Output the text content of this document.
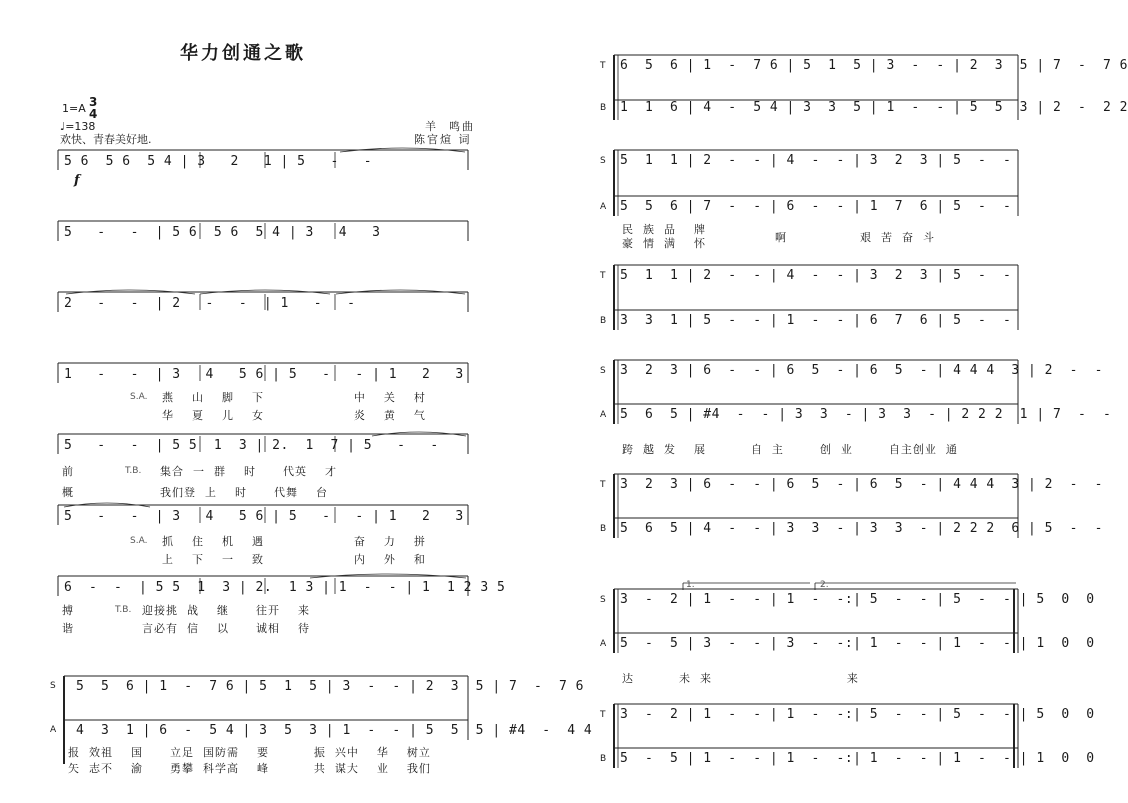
华力创通之歌
1=A 3
4
♩=138
欢快、青春美好地.
羊  鸣曲
陈官煊 词
f
5 6  5 6  5 4 | 3   2   1 | 5   -   -
5   -   -  | 5 6  5 6  5 4 | 3   4   3
2   -   -  | 2   -   -  | 1   -   -
1   -   -  | 3   4   5 6 | 5   -   - | 1   2   3
5   -   -  | 5 5  1  3 | 2.  1  7 | 5   -   -
5   -   -  | 3   4   5 6 | 5   -   - | 1   2   3
6  -  -  | 5 5  1  3 | 2.  1 3 | 1  -  - | 1  1 2 3 5
5  5  6 | 1  -  7 6 | 5  1  5 | 3  -  - | 2  3  5 | 7  -  7 6
4  3  1 | 6  -  5 4 | 3  5  3 | 1  -  - | 5  5  5 | #4  -  4 4
S
A
S.A. 燕    山    脚    下                    中    关    村
华    夏    儿    女                    炎    黄    气
前
概
T.B. 集合  一  群    时      代英    才
我们登  上    时      代舞    台
S.A. 抓    住    机    遇                    奋    力    拼
上    下    一    致                    内    外    和
搏
谐
T.B. 迎接挑  战    继      往开    来
言必有  信    以      诚相    待
报  效祖    国      立足  国防需    要          振  兴中    华    树立
矢  志不    渝      勇攀  科学高    峰          共  谋大    业    我们
T 6  5  6 | 1  -  7 6 | 5  1  5 | 3  -  - | 2  3  5 | 7  -  7 6
B 1  1  6 | 4  -  5 4 | 3  3  5 | 1  -  - | 5  5  3 | 2  -  2 2
S 5  1  1 | 2  -  - | 4  -  - | 3  2  3 | 5  -  -
A 5  5  6 | 7  -  - | 6  -  - | 1  7  6 | 5  -  -
民  族  品    牌
豪  情  满    怀	啊	艰  苦  奋  斗
T 5  1  1 | 2  -  - | 4  -  - | 3  2  3 | 5  -  -
B 3  3  1 | 5  -  - | 1  -  - | 6  7  6 | 5  -  -
S 3  2  3 | 6  -  - | 6  5  - | 6  5  - | 4 4 4  3 | 2  -  -
A 5  6  5 | #4  -  - | 3  3  - | 3  3  - | 2 2 2  1 | 7  -  -
跨  越  发    展          自  主        创  业        自主创业  通
T 3  2  3 | 6  -  - | 6  5  - | 6  5  - | 4 4 4  3 | 2  -  -
B 5  6  5 | 4  -  - | 3  3  - | 3  3  - | 2 2 2  6 | 5  -  -
S 3  -  2 | 1  -  - | 1  -  -:| 5  -  - | 5  -  - | 5  0  0
A 5  -  5 | 3  -  - | 3  -  -:| 1  -  - | 1  -  - | 1  0  0
达          未  来                              来
T 3  -  2 | 1  -  - | 1  -  -:| 5  -  - | 5  -  - | 5  0  0
B 5  -  5 | 1  -  - | 1  -  -:| 1  -  - | 1  -  - | 1  0  0
1.	2.
